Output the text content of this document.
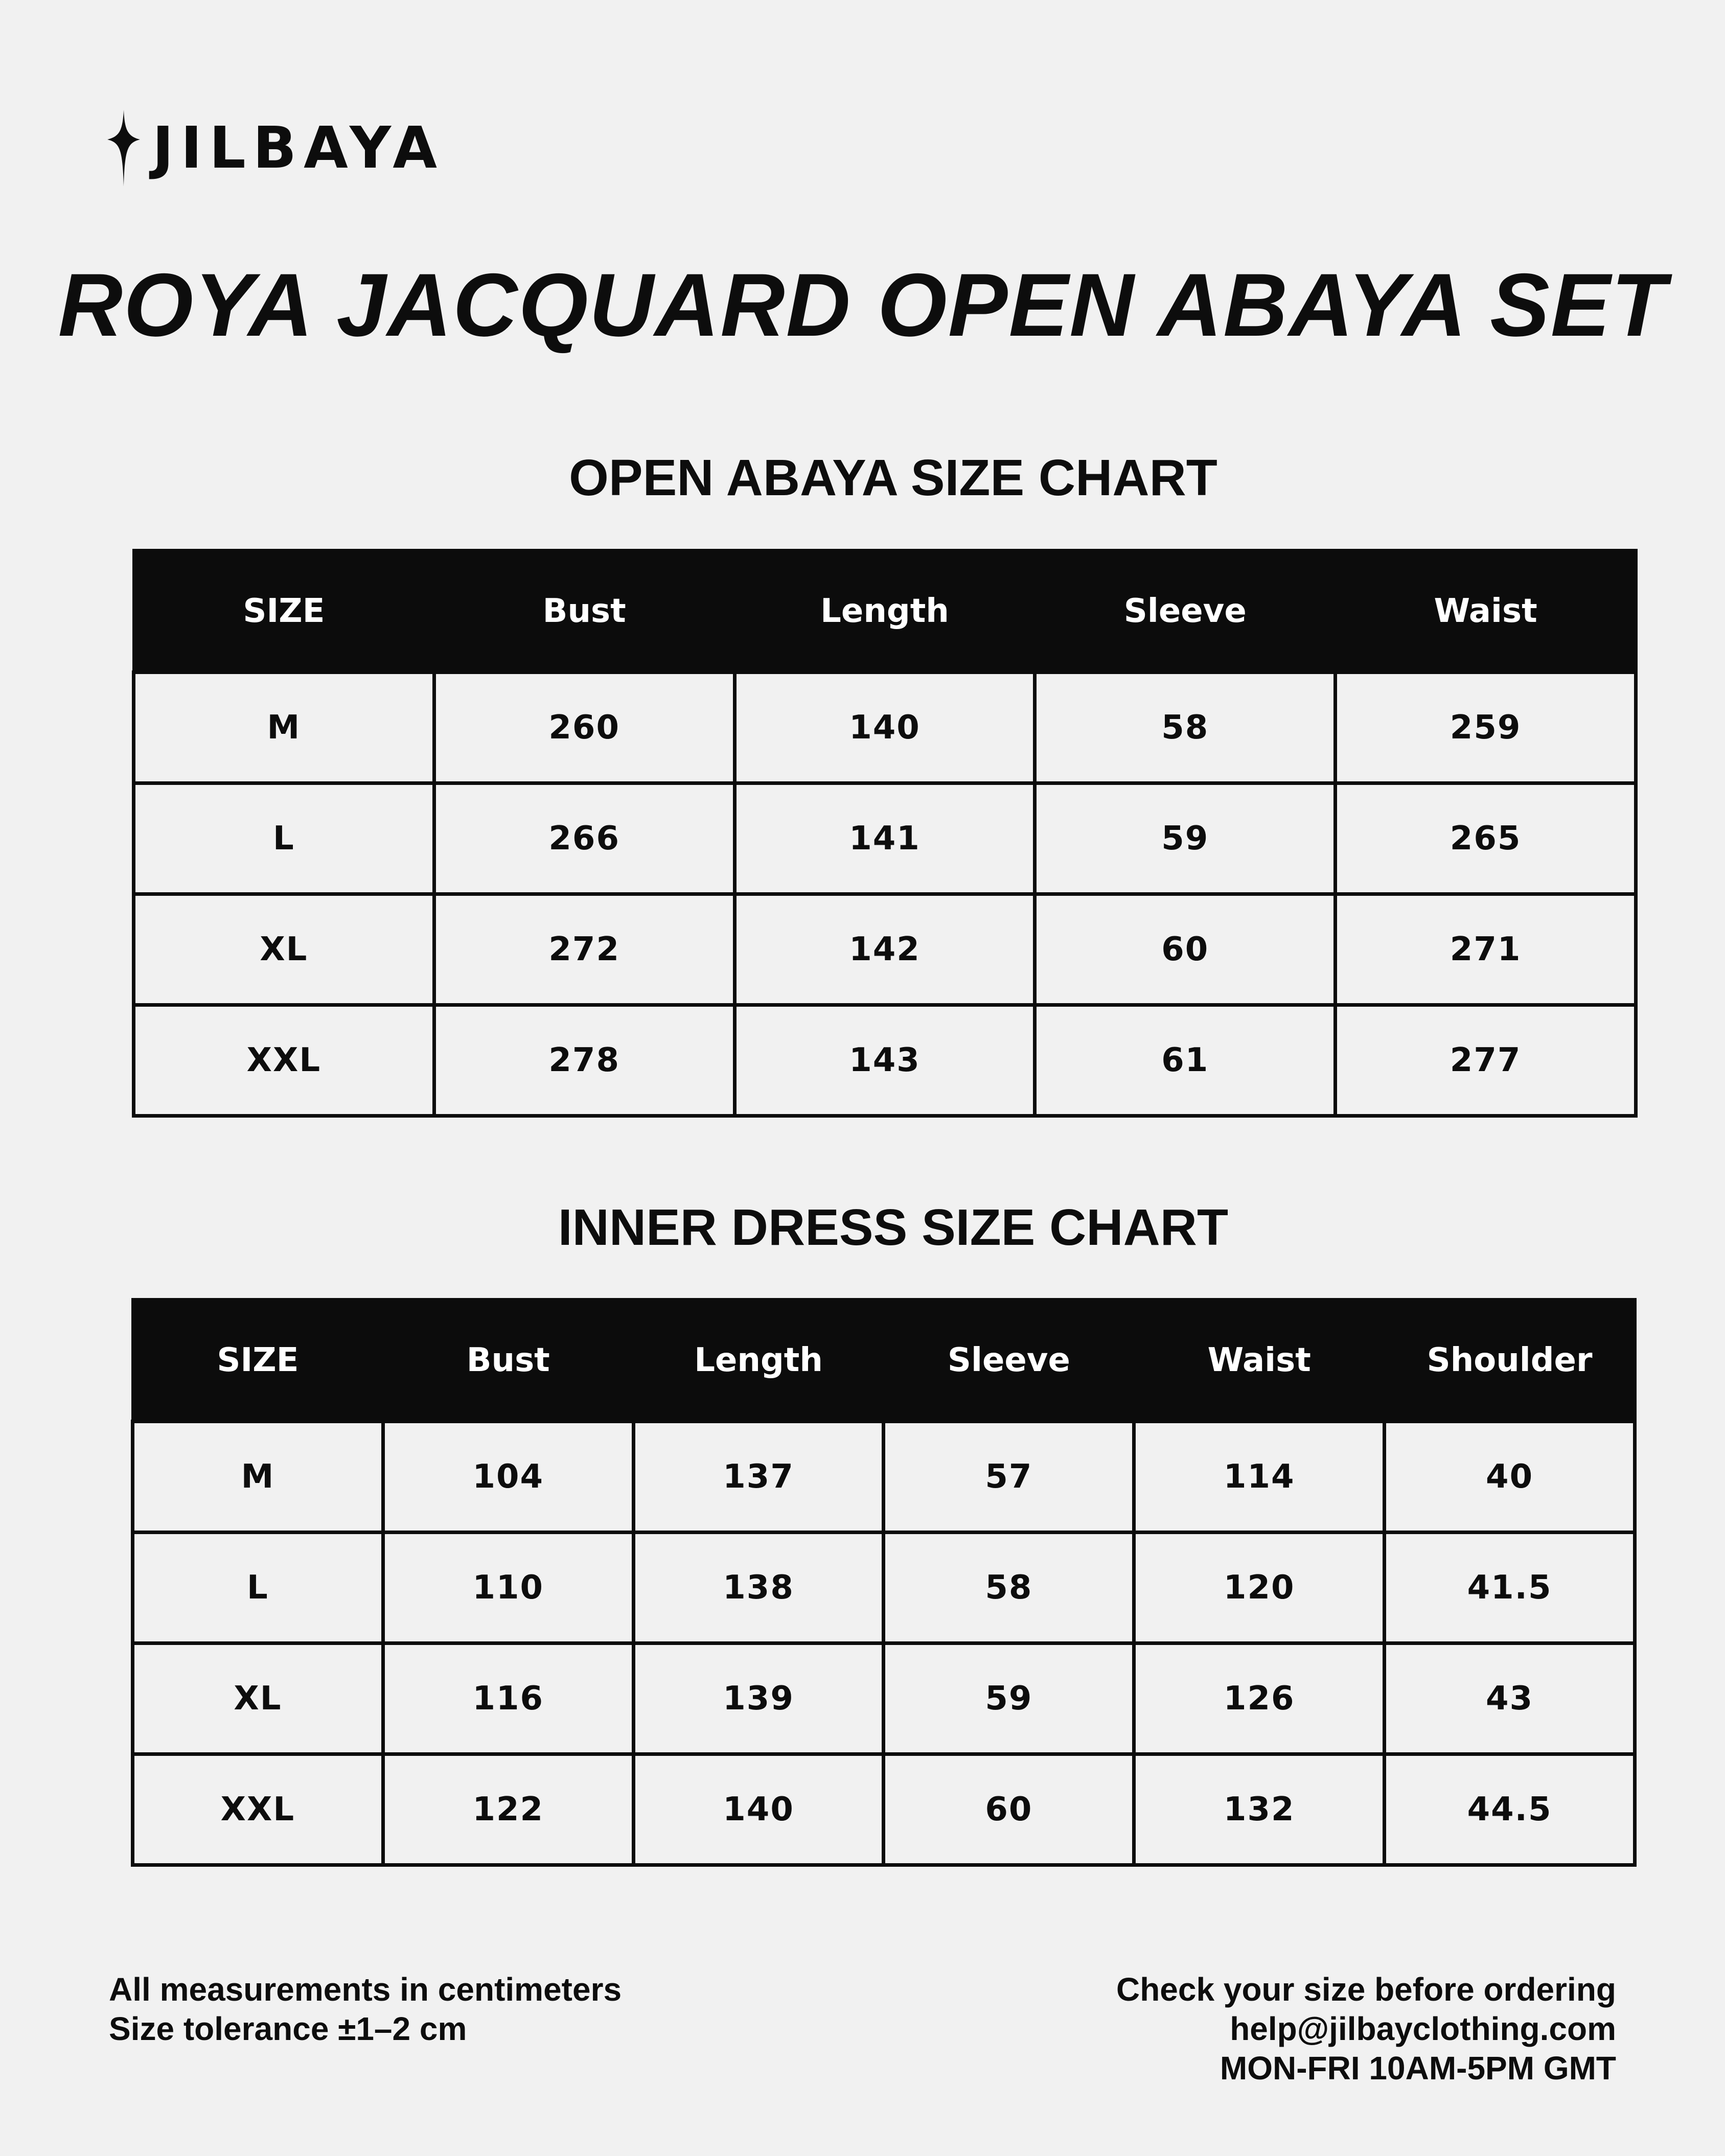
JILBAYA
ROYA JACQUARD OPEN ABAYA SET
OPEN ABAYA SIZE CHART
SIZE	Bust	Length	Sleeve	Waist
M	260	140	58	259
L	266	141	59	265
XL	272	142	60	271
XXL	278	143	61	277
INNER DRESS SIZE CHART
SIZE	Bust	Length	Sleeve	Waist	Shoulder
M	104	137	57	114	40
L	110	138	58	120	41.5
XL	116	139	59	126	43
XXL	122	140	60	132	44.5
All measurements in centimeters
Size tolerance ±1–2 cm
Check your size before ordering
help@jilbayclothing.com
MON-FRI 10AM-5PM GMT
